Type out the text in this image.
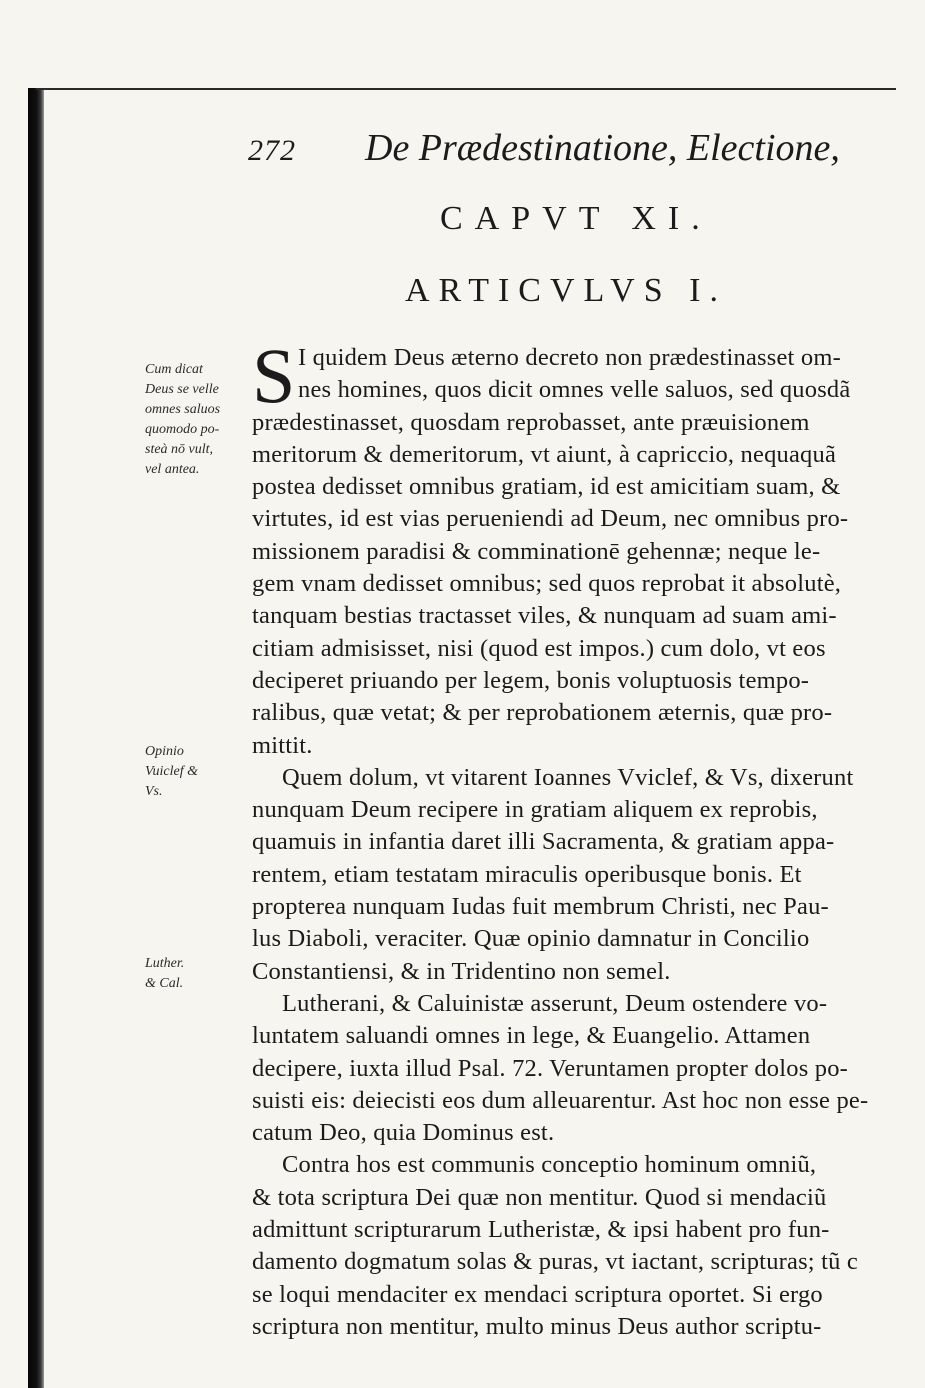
272 De Prædestinatione, Electione,
CAPVT XI.
ARTICVLVS I.
Cum dicat
Deus se velle
omnes saluos
quomodo po-
steà nō vult,
vel antea.
Opinio
Vuiclef &
Vs.
Luther.
& Cal.
S I quidem Deus æterno decreto non prædestinasset om-
nes homines, quos dicit omnes velle saluos, sed quosdã
prædestinasset, quosdam reprobasset, ante præuisionem
meritorum & demeritorum, vt aiunt, à capriccio, nequaquã
postea dedisset omnibus gratiam, id est amicitiam suam, &
virtutes, id est vias perueniendi ad Deum, nec omnibus pro-
missionem paradisi & comminationē gehennæ; neque le-
gem vnam dedisset omnibus; sed quos reprobat it absolutè,
tanquam bestias tractasset viles, & nunquam ad suam ami-
citiam admisisset, nisi (quod est impos.) cum dolo, vt eos
deciperet priuando per legem, bonis voluptuosis tempo-
ralibus, quæ vetat; & per reprobationem æternis, quæ pro-
mittit.
Quem dolum, vt vitarent Ioannes Vviclef, & Vs, dixerunt
nunquam Deum recipere in gratiam aliquem ex reprobis,
quamuis in infantia daret illi Sacramenta, & gratiam appa-
rentem, etiam testatam miraculis operibusque bonis. Et
propterea nunquam Iudas fuit membrum Christi, nec Pau-
lus Diaboli, veraciter. Quæ opinio damnatur in Concilio
Constantiensi, & in Tridentino non semel.
Lutherani, & Caluinistæ asserunt, Deum ostendere vo-
luntatem saluandi omnes in lege, & Euangelio. Attamen
decipere, iuxta illud Psal. 72. Veruntamen propter dolos po-
suisti eis: deiecisti eos dum alleuarentur. Ast hoc non esse pe-
catum Deo, quia Dominus est.
Contra hos est communis conceptio hominum omniũ,
& tota scriptura Dei quæ non mentitur. Quod si mendaciũ
admittunt scripturarum Lutheristæ, & ipsi habent pro fun-
damento dogmatum solas & puras, vt iactant, scripturas; tũ c
se loqui mendaciter ex mendaci scriptura oportet. Si ergo
scriptura non mentitur, multo minus Deus author scriptu-
